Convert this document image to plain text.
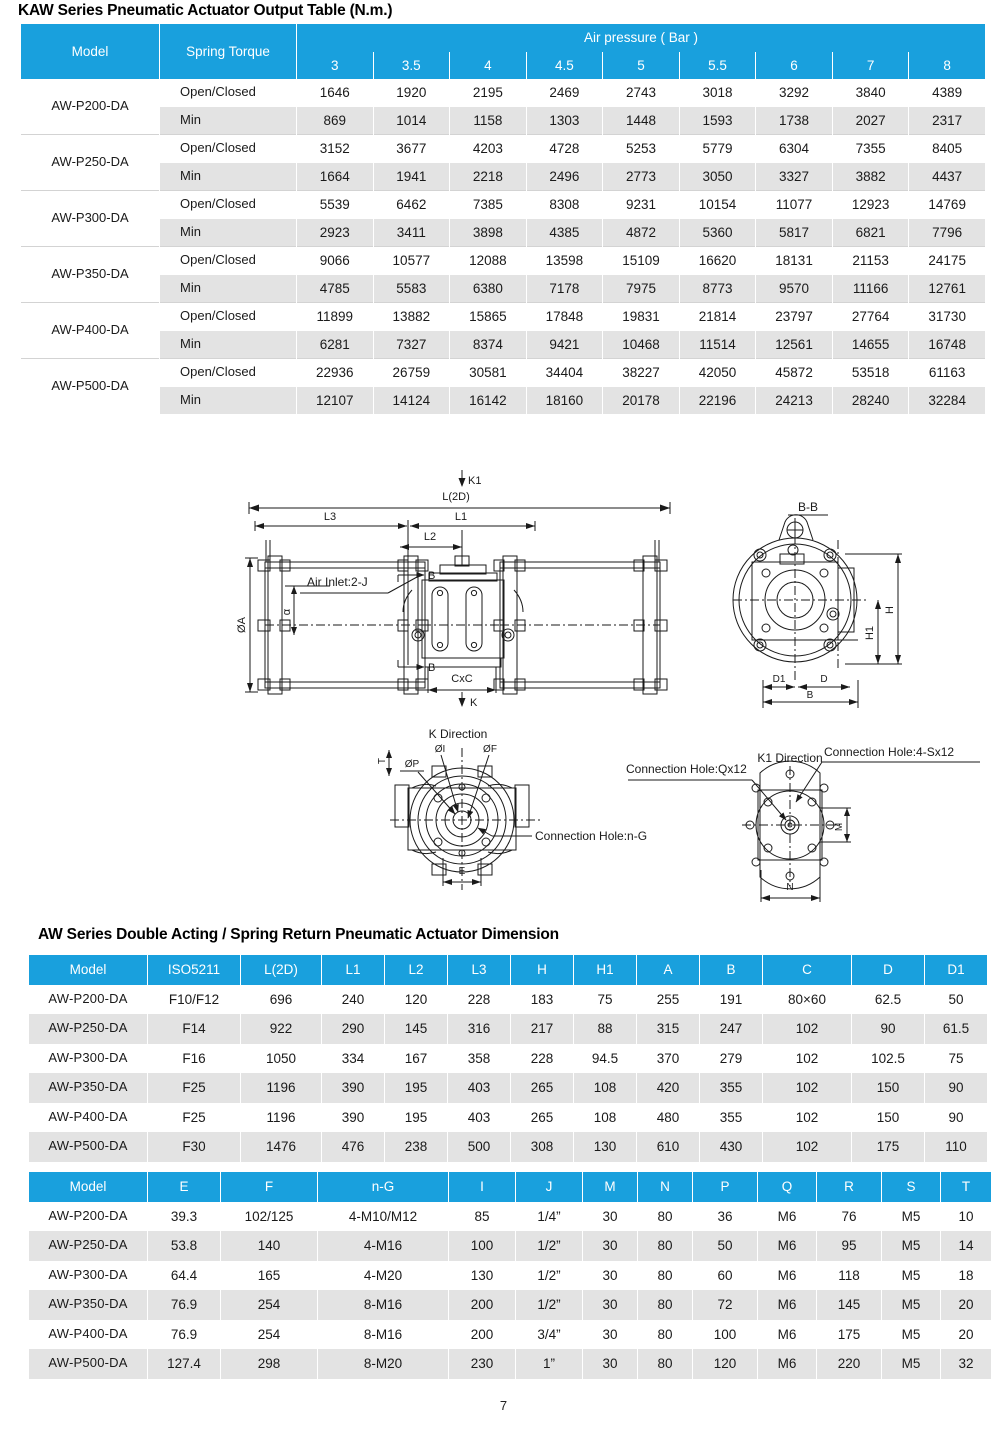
KAW Series Pneumatic Actuator Output Table (N.m.)
Model	Spring Torque	Air pressure ( Bar )								
		3	3.5	4	4.5	5	5.5	6	7	8
AW-P200-DA	Open/Closed	1646	1920	2195	2469	2743	3018	3292	3840	4389
	Min	869	1014	1158	1303	1448	1593	1738	2027	2317
AW-P250-DA	Open/Closed	3152	3677	4203	4728	5253	5779	6304	7355	8405
	Min	1664	1941	2218	2496	2773	3050	3327	3882	4437
AW-P300-DA	Open/Closed	5539	6462	7385	8308	9231	10154	11077	12923	14769
	Min	2923	3411	3898	4385	4872	5360	5817	6821	7796
AW-P350-DA	Open/Closed	9066	10577	12088	13598	15109	16620	18131	21153	24175
	Min	4785	5583	6380	7178	7975	8773	9570	11166	12761
AW-P400-DA	Open/Closed	11899	13882	15865	17848	19831	21814	23797	27764	31730
	Min	6281	7327	8374	9421	10468	11514	12561	14655	16748
AW-P500-DA	Open/Closed	22936	26759	30581	34404	38227	42050	45872	53518	61163
	Min	12107	14124	16142	18160	20178	22196	24213	28240	32284
K1
L(2D)
L3	L1
L2
ØA
α
Air Inlet:2-J	B
B
CxC
K
B-B
H
H1
D1	D
B
K Direction
ØI	ØF
ØP
T
E
Connection Hole:n-G
K1 Direction
Connection Hole:Qx12
Connection Hole:4-Sx12
M
N
AW Series Double Acting / Spring Return Pneumatic Actuator Dimension
Model	ISO5211	L(2D)	L1	L2	L3	H	H1	A	B	C	D	D1
AW-P200-DA	F10/F12	696	240	120	228	183	75	255	191	80×60	62.5	50
AW-P250-DA	F14	922	290	145	316	217	88	315	247	102	90	61.5
AW-P300-DA	F16	1050	334	167	358	228	94.5	370	279	102	102.5	75
AW-P350-DA	F25	1196	390	195	403	265	108	420	355	102	150	90
AW-P400-DA	F25	1196	390	195	403	265	108	480	355	102	150	90
AW-P500-DA	F30	1476	476	238	500	308	130	610	430	102	175	110
Model	E	F	n-G	I	J	M	N	P	Q	R	S	T
AW-P200-DA	39.3	102/125	4-M10/M12	85	1/4”	30	80	36	M6	76	M5	10
AW-P250-DA	53.8	140	4-M16	100	1/2”	30	80	50	M6	95	M5	14
AW-P300-DA	64.4	165	4-M20	130	1/2”	30	80	60	M6	118	M5	18
AW-P350-DA	76.9	254	8-M16	200	1/2”	30	80	72	M6	145	M5	20
AW-P400-DA	76.9	254	8-M16	200	3/4”	30	80	100	M6	175	M5	20
AW-P500-DA	127.4	298	8-M20	230	1”	30	80	120	M6	220	M5	32
7
